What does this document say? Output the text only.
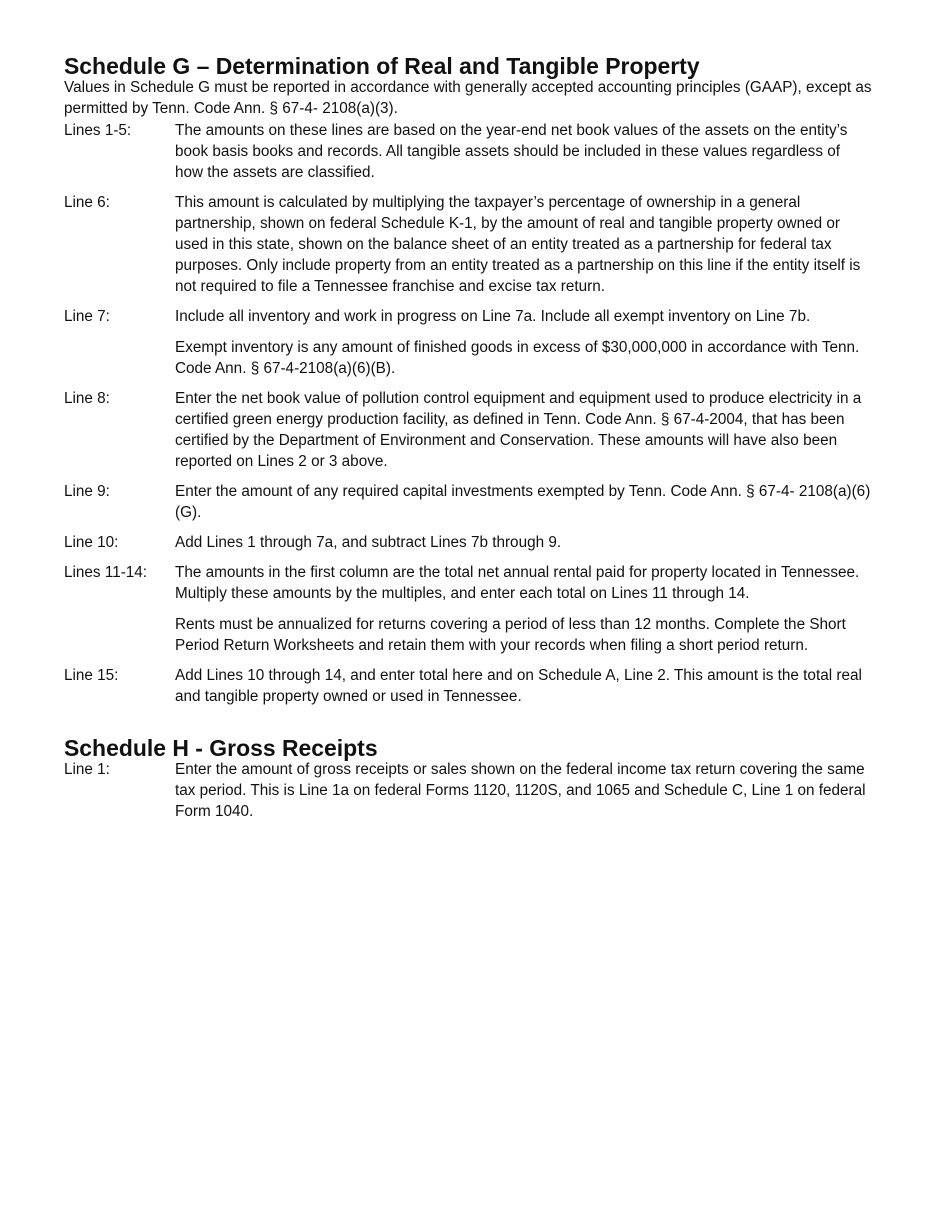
Schedule G – Determination of Real and Tangible Property

Values in Schedule G must be reported in accordance with generally accepted accounting principles (GAAP), except as permitted by Tenn. Code Ann. § 67-4- 2108(a)(3).

Lines 1-5:	The amounts on these lines are based on the year-end net book values of the assets on the entity’s book basis books and records. All tangible assets should be included in these values regardless of how the assets are classified.

Line 6:	This amount is calculated by multiplying the taxpayer’s percentage of ownership in a general partnership, shown on federal Schedule K-1, by the amount of real and tangible property owned or used in this state, shown on the balance sheet of an entity treated as a partnership for federal tax purposes. Only include property from an entity treated as a partnership on this line if the entity itself is not required to file a Tennessee franchise and excise tax return.

Line 7:	Include all inventory and work in progress on Line 7a. Include all exempt inventory on Line 7b.

Exempt inventory is any amount of finished goods in excess of $30,000,000 in accordance with Tenn. Code Ann. § 67-4-2108(a)(6)(B).

Line 8:	Enter the net book value of pollution control equipment and equipment used to produce electricity in a certified green energy production facility, as defined in Tenn. Code Ann. § 67-4-2004, that has been certified by the Department of Environment and Conservation. These amounts will have also been reported on Lines 2 or 3 above.

Line 9:	Enter the amount of any required capital investments exempted by Tenn. Code Ann. § 67-4- 2108(a)(6)(G).

Line 10:	Add Lines 1 through 7a, and subtract Lines 7b through 9.

Lines 11-14:	The amounts in the first column are the total net annual rental paid for property located in Tennessee. Multiply these amounts by the multiples, and enter each total on Lines 11 through 14.

Rents must be annualized for returns covering a period of less than 12 months. Complete the Short Period Return Worksheets and retain them with your records when filing a short period return.

Line 15:	Add Lines 10 through 14, and enter total here and on Schedule A, Line 2. This amount is the total real and tangible property owned or used in Tennessee.

Schedule H - Gross Receipts
Line 1:	Enter the amount of gross receipts or sales shown on the federal income tax return covering the same tax period. This is Line 1a on federal Forms 1120, 1120S, and 1065 and Schedule C, Line 1 on federal Form 1040.
